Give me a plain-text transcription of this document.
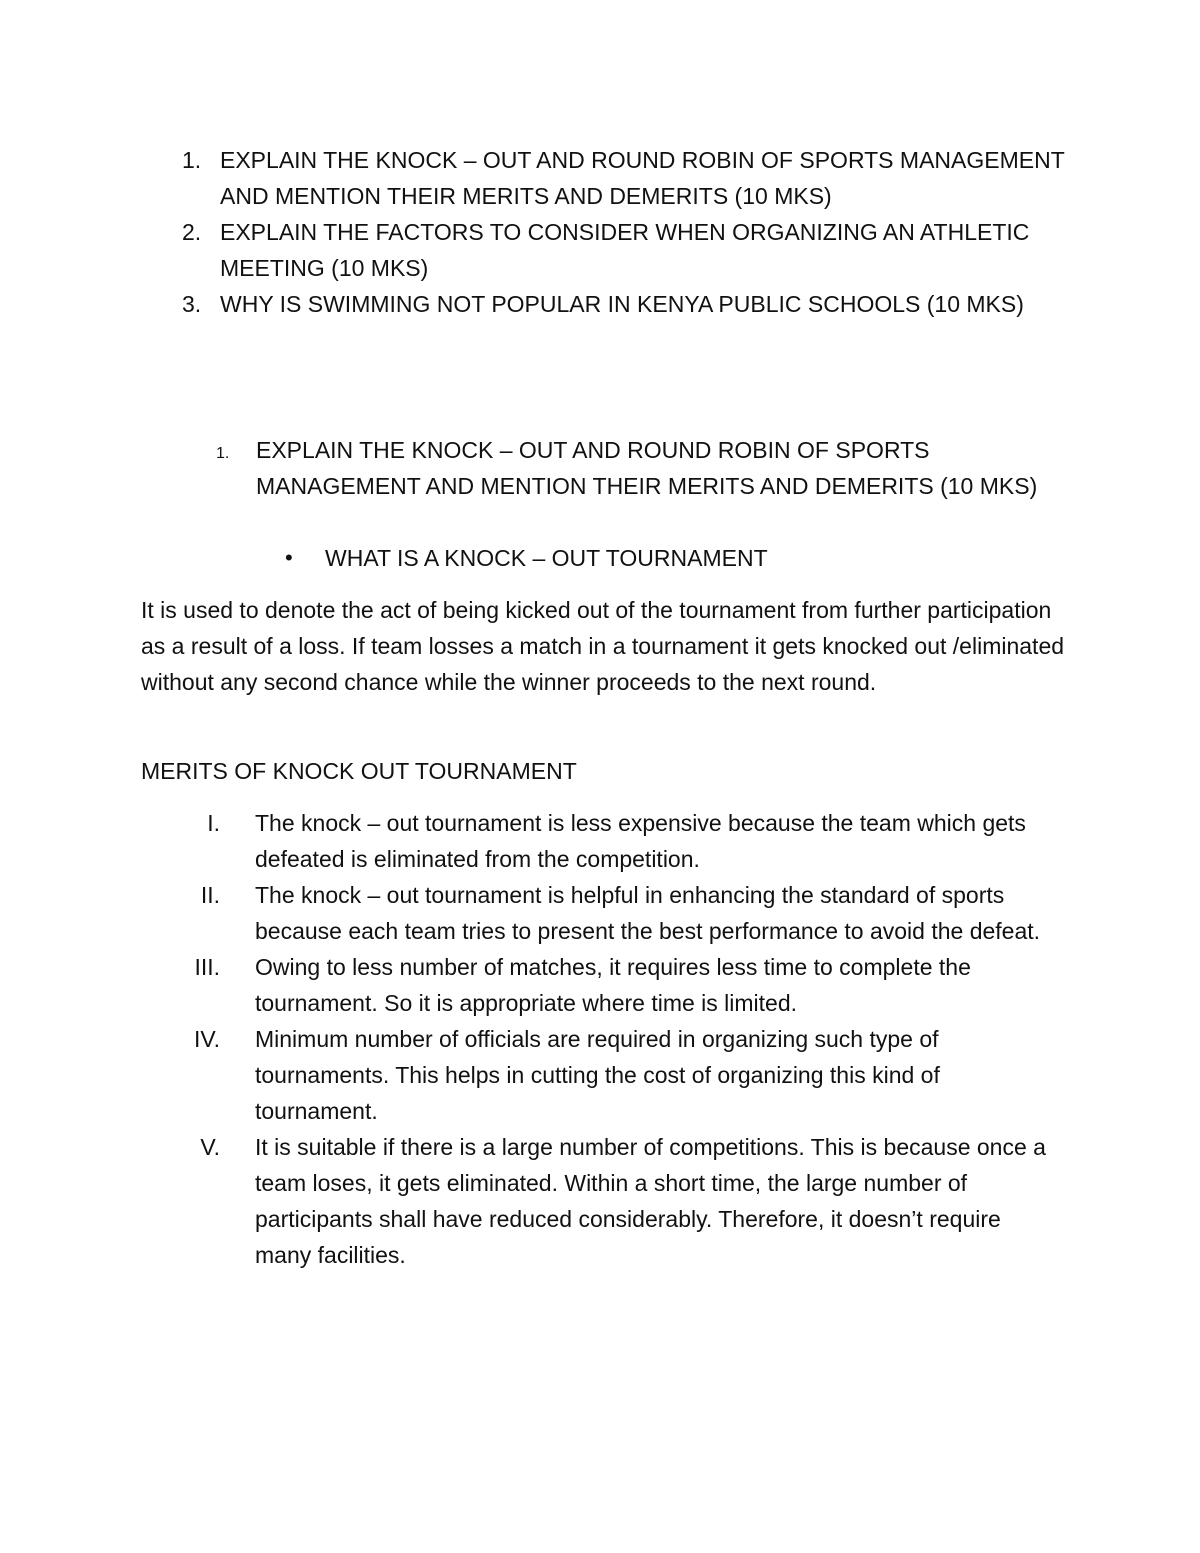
1. EXPLAIN THE KNOCK – OUT AND ROUND ROBIN OF SPORTS MANAGEMENT AND MENTION THEIR MERITS AND DEMERITS (10 MKS)
2. EXPLAIN THE FACTORS TO CONSIDER WHEN ORGANIZING AN ATHLETIC MEETING (10 MKS)
3. WHY IS SWIMMING NOT POPULAR IN KENYA PUBLIC SCHOOLS (10 MKS)
1. EXPLAIN THE KNOCK – OUT AND ROUND ROBIN OF SPORTS MANAGEMENT AND MENTION THEIR MERITS AND DEMERITS (10 MKS)
• WHAT IS A KNOCK – OUT TOURNAMENT

It is used to denote the act of being kicked out of the tournament from further participation as a result of a loss. If team losses a match in a tournament it gets knocked out /eliminated without any second chance while the winner proceeds to the next round.

MERITS OF KNOCK OUT TOURNAMENT
I. The knock – out tournament is less expensive because the team which gets defeated is eliminated from the competition.
II. The knock – out tournament is helpful in enhancing the standard of sports because each team tries to present the best performance to avoid the defeat.
III. Owing to less number of matches, it requires less time to complete the tournament. So it is appropriate where time is limited.
IV. Minimum number of officials are required in organizing such type of tournaments. This helps in cutting the cost of organizing this kind of tournament.
V. It is suitable if there is a large number of competitions. This is because once a team loses, it gets eliminated. Within a short time, the large number of participants shall have reduced considerably. Therefore, it doesn’t require many facilities.
